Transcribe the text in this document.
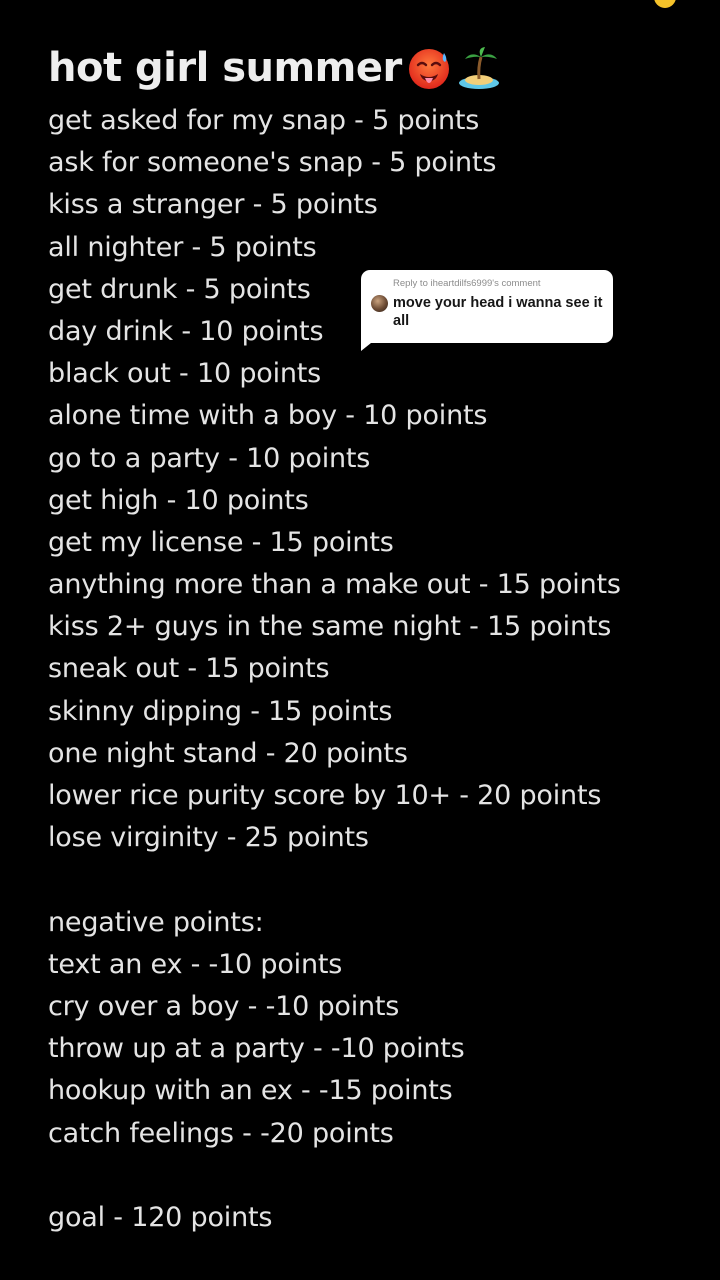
hot girl summer
get asked for my snap - 5 points
ask for someone's snap - 5 points
kiss a stranger - 5 points
all nighter - 5 points
get drunk - 5 points
day drink - 10 points
black out - 10 points
alone time with a boy - 10 points
go to a party - 10 points
get high - 10 points
get my license - 15 points
anything more than a make out - 15 points
kiss 2+ guys in the same night - 15 points
sneak out - 15 points
skinny dipping - 15 points
one night stand - 20 points
lower rice purity score by 10+ - 20 points
lose virginity - 25 points
negative points:
text an ex - -10 points
cry over a boy - -10 points
throw up at a party - -10 points
hookup with an ex - -15 points
catch feelings - -20 points
goal - 120 points
Reply to iheartdilfs6999's comment
move your head i wanna see it all
